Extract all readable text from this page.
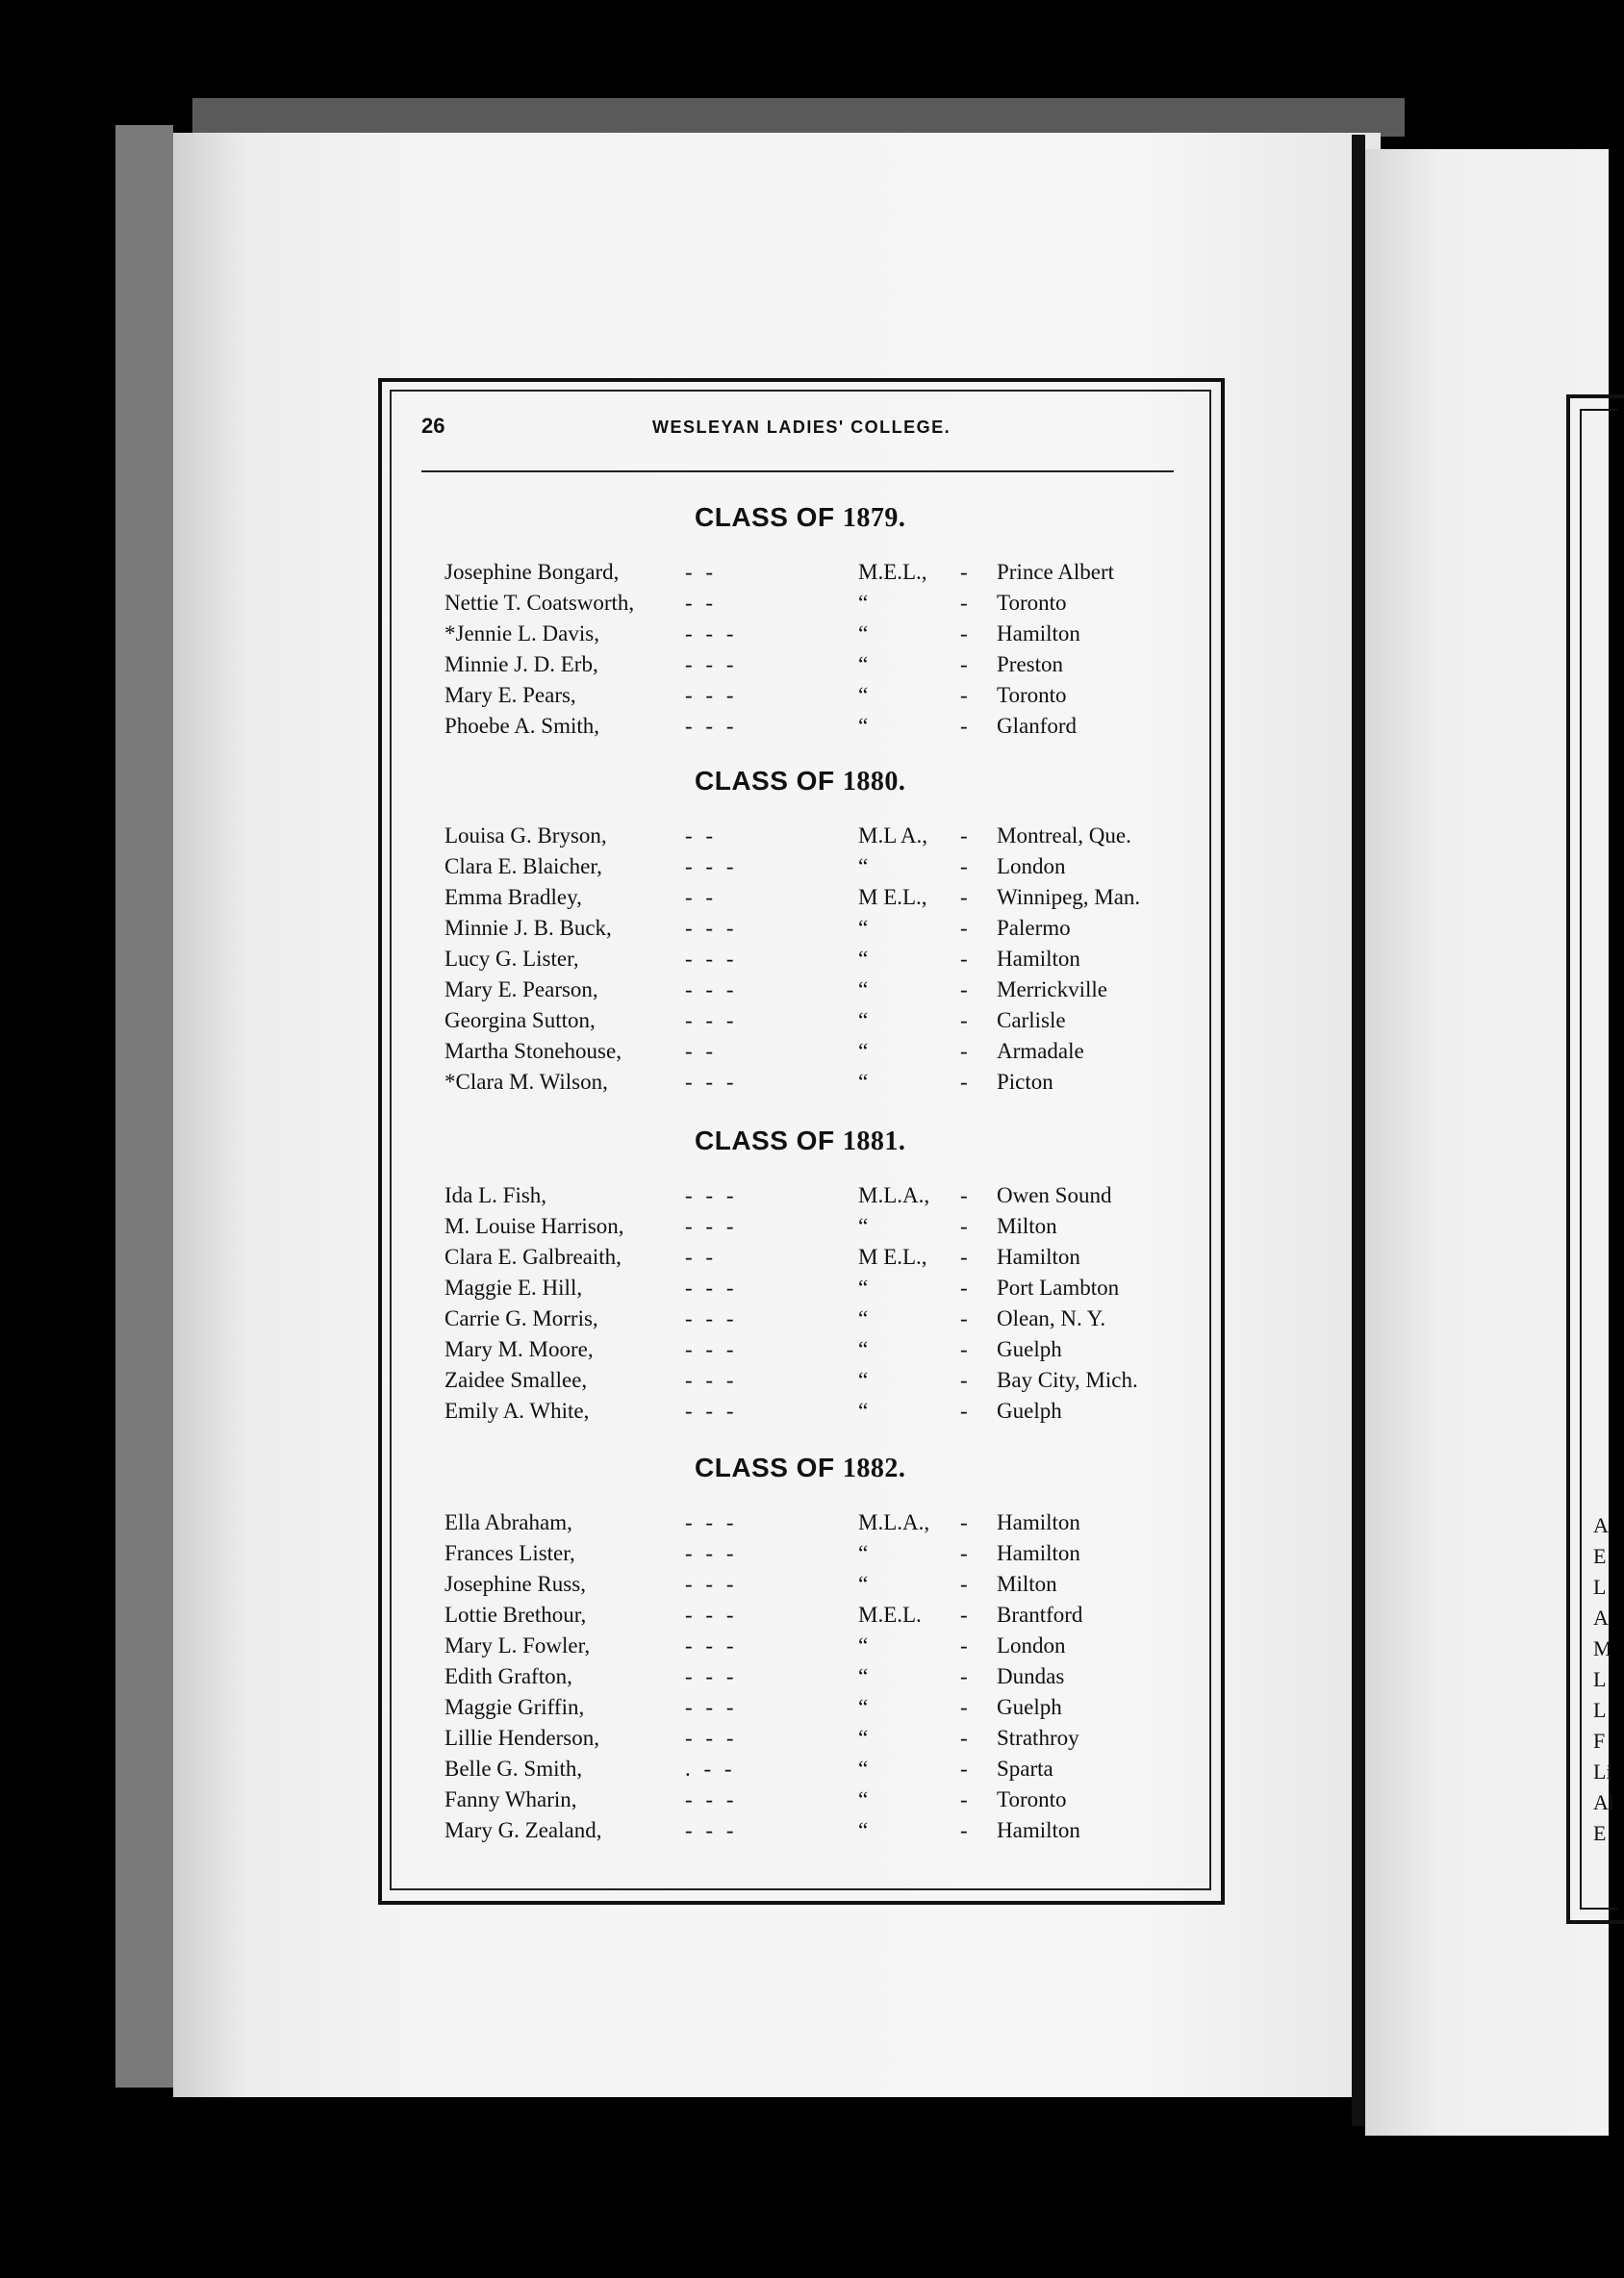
A
E
L
A
M
L
L
F
Li
Al
E
26	WESLEYAN LADIES' COLLEGE.
CLASS OF 1879.
Josephine Bongard,	- -	M.E.L., - Prince Albert
Nettie T. Coatsworth, - -	“	- Toronto
*Jennie L. Davis,	- - -	“	- Hamilton
Minnie J. D. Erb,	- - -	“	- Preston
Mary E. Pears,	- - -	“	- Toronto
Phoebe A. Smith,	- - -	“	- Glanford
CLASS OF 1880.
Louisa G. Bryson,	- -	M.L A., - Montreal, Que.
Clara E. Blaicher,	- - -	“	- London
Emma Bradley,	- -	M E.L., - Winnipeg, Man.
Minnie J. B. Buck,	- - -	“	- Palermo
Lucy G. Lister,	- - -	“	- Hamilton
Mary E. Pearson,	- - -	“	- Merrickville
Georgina Sutton,	- - -	“	- Carlisle
Martha Stonehouse,	- -	“	- Armadale
*Clara M. Wilson,	- - -	“	- Picton
CLASS OF 1881.
Ida L. Fish,	- - -	M.L.A., - Owen Sound
M. Louise Harrison,	- - -	“	- Milton
Clara E. Galbreaith,	- -	M E.L., - Hamilton
Maggie E. Hill,	- - -	“	- Port Lambton
Carrie G. Morris,	- - -	“	- Olean, N. Y.
Mary M. Moore,	- - -	“	- Guelph
Zaidee Smallee,	- - -	“	- Bay City, Mich.
Emily A. White,	- - -	“	- Guelph
CLASS OF 1882.
Ella Abraham,	- - -	M.L.A., - Hamilton
Frances Lister,	- - -	“	- Hamilton
Josephine Russ,	- - -	“	- Milton
Lottie Brethour,	- - -	M.E.L. - Brantford
Mary L. Fowler,	- - -	“	- London
Edith Grafton,	- - -	“	- Dundas
Maggie Griffin,	- - -	“	- Guelph
Lillie Henderson,	- - -	“	- Strathroy
Belle G. Smith,	. - -	“	- Sparta
Fanny Wharin,	- - -	“	- Toronto
Mary G. Zealand,	- - -	“	- Hamilton
